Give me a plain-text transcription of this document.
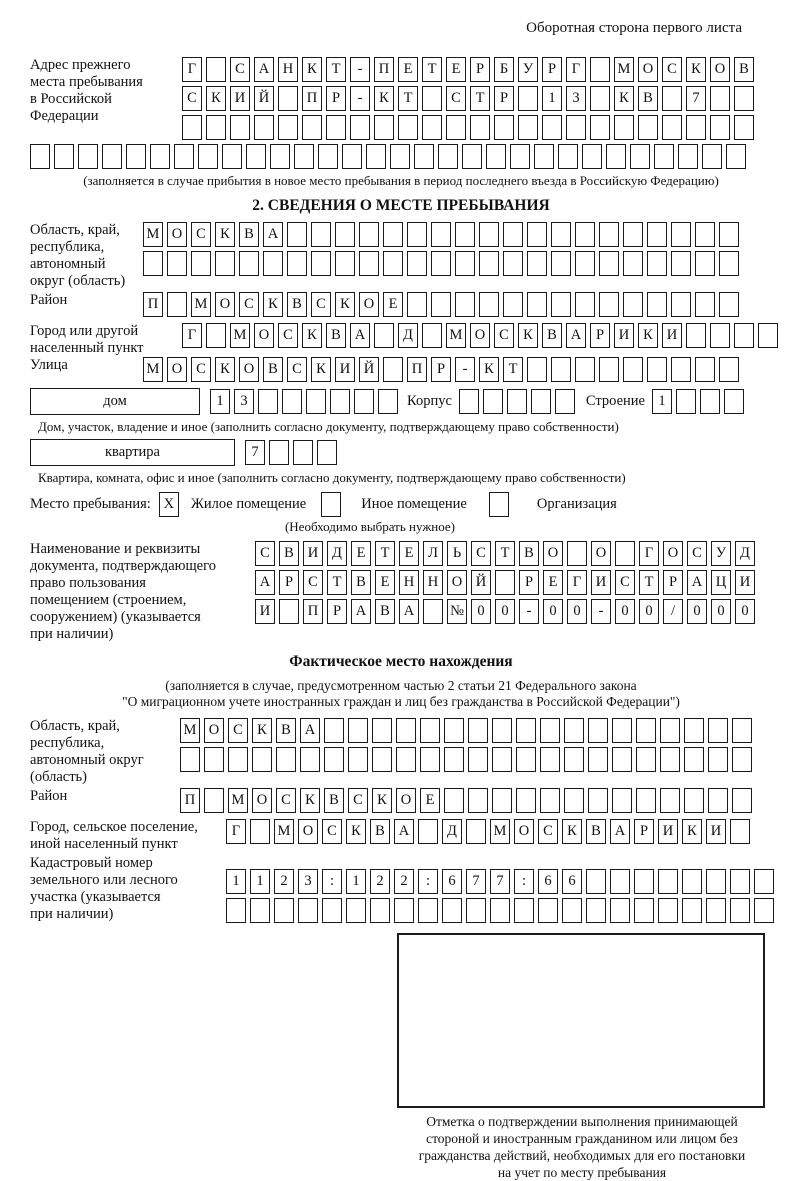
Оборотная сторона первого листа
Адрес прежнего
места пребывания
в Российской
Федерации
Г	С А Н К	Т	-	П Е	Т	Е	Р	Б	У	Р	Г	М О С К О В
С К И Й	П	Р	-	К	Т	С	Т	Р	1	3	К В	7
(заполняется в случае прибытия в новое место пребывания в период последнего въезда в Российскую Федерацию)
2. СВЕДЕНИЯ О МЕСТЕ ПРЕБЫВАНИЯ
Область, край,
республика,
автономный
округ (область)
М О С К В А
Район	П	М О С К В С К О Е
Город или другой
населенный пункт
Г	М О С К В А	Д	М О С К В А	Р	И К И
Улица	М О С К О В С К И Й	П	Р	-	К	Т
дом	1	3	Корпус	Строение 1
Дом, участок, владение и иное (заполнить согласно документу, подтверждающему право собственности)
квартира	7
Квартира, комната, офис и иное (заполнить согласно документу, подтверждающему право собственности)
Место пребывания: X	Жилое помещение	Иное помещение	Организация
(Необходимо выбрать нужное)
Наименование и реквизиты
документа, подтверждающего
право пользования
помещением (строением,
сооружением) (указывается
при наличии)
С В И Д	Е	Т	Е	Л	Ь	С	Т	В О	О	Г	О С У Д
А	Р	С	Т	В	Е Н Н О Й	Р	Е	Г	И С	Т	Р	А Ц И
И	П	Р	А В А	№ 0	0	-	0	0	-	0	0	/	0	0	0
Фактическое место нахождения
(заполняется в случае, предусмотренном частью 2 статьи 21 Федерального закона
"О миграционном учете иностранных граждан и лиц без гражданства в Российской Федерации")
Область, край,
республика,
автономный округ
(область)
М О С К В А
Район	П	М О С К В С К О Е
Город, сельское поселение,
иной населенный пункт
Г	М О С К В А	Д	М О С К В А	Р	И К И
Кадастровый номер
земельного или лесного
участка (указывается
при наличии)
1	1	2	3	:	1	2	2	:	6	7	7	:	6	6
Отметка о подтверждении выполнения принимающей
стороной и иностранным гражданином или лицом без
гражданства действий, необходимых для его постановки
на учет по месту пребывания
